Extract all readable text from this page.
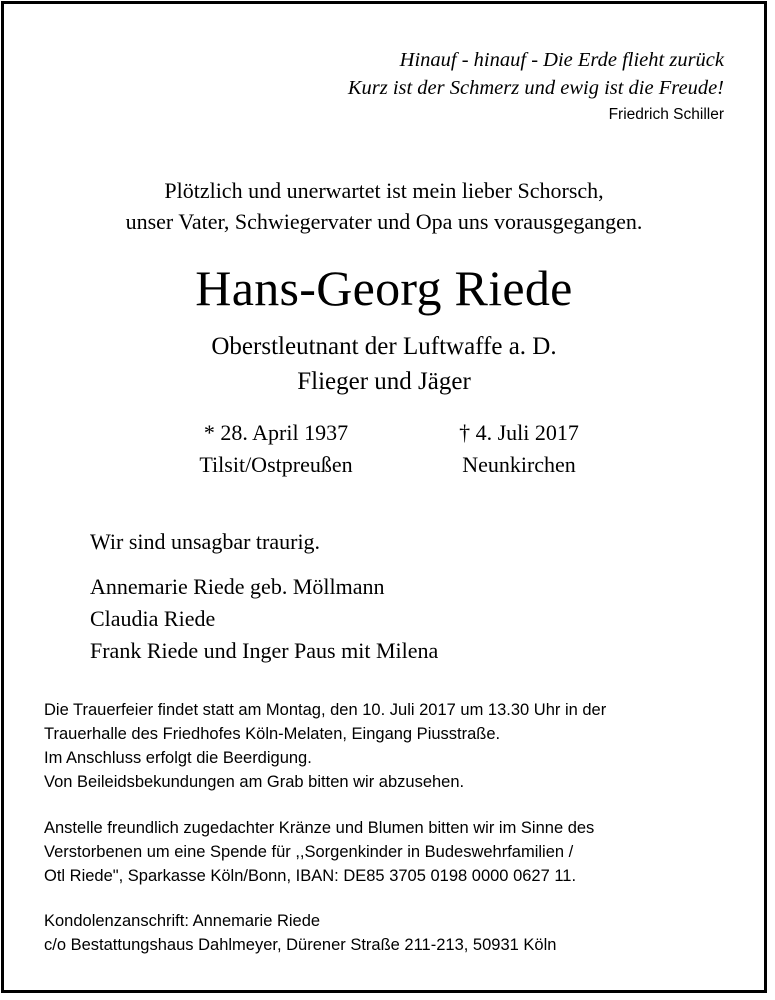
Hinauf - hinauf - Die Erde flieht zurück
Kurz ist der Schmerz und ewig ist die Freude!
Friedrich Schiller
Plötzlich und unerwartet ist mein lieber Schorsch,
unser Vater, Schwiegervater und Opa uns vorausgegangen.
Hans-Georg Riede
Oberstleutnant der Luftwaffe a. D.
Flieger und Jäger
* 28. April 1937
Tilsit/Ostpreußen
† 4. Juli 2017
Neunkirchen
Wir sind unsagbar traurig.
Annemarie Riede geb. Möllmann
Claudia Riede
Frank Riede und Inger Paus mit Milena
Die Trauerfeier findet statt am Montag, den 10. Juli 2017 um 13.30 Uhr in der
Trauerhalle des Friedhofes Köln-Melaten, Eingang Piusstraße.
Im Anschluss erfolgt die Beerdigung.
Von Beileidsbekundungen am Grab bitten wir abzusehen.
Anstelle freundlich zugedachter Kränze und Blumen bitten wir im Sinne des
Verstorbenen um eine Spende für ,,Sorgenkinder in Budeswehrfamilien /
Otl Riede", Sparkasse Köln/Bonn, IBAN: DE85 3705 0198 0000 0627 11.
Kondolenzanschrift: Annemarie Riede
c/o Bestattungshaus Dahlmeyer, Dürener Straße 211-213, 50931 Köln
